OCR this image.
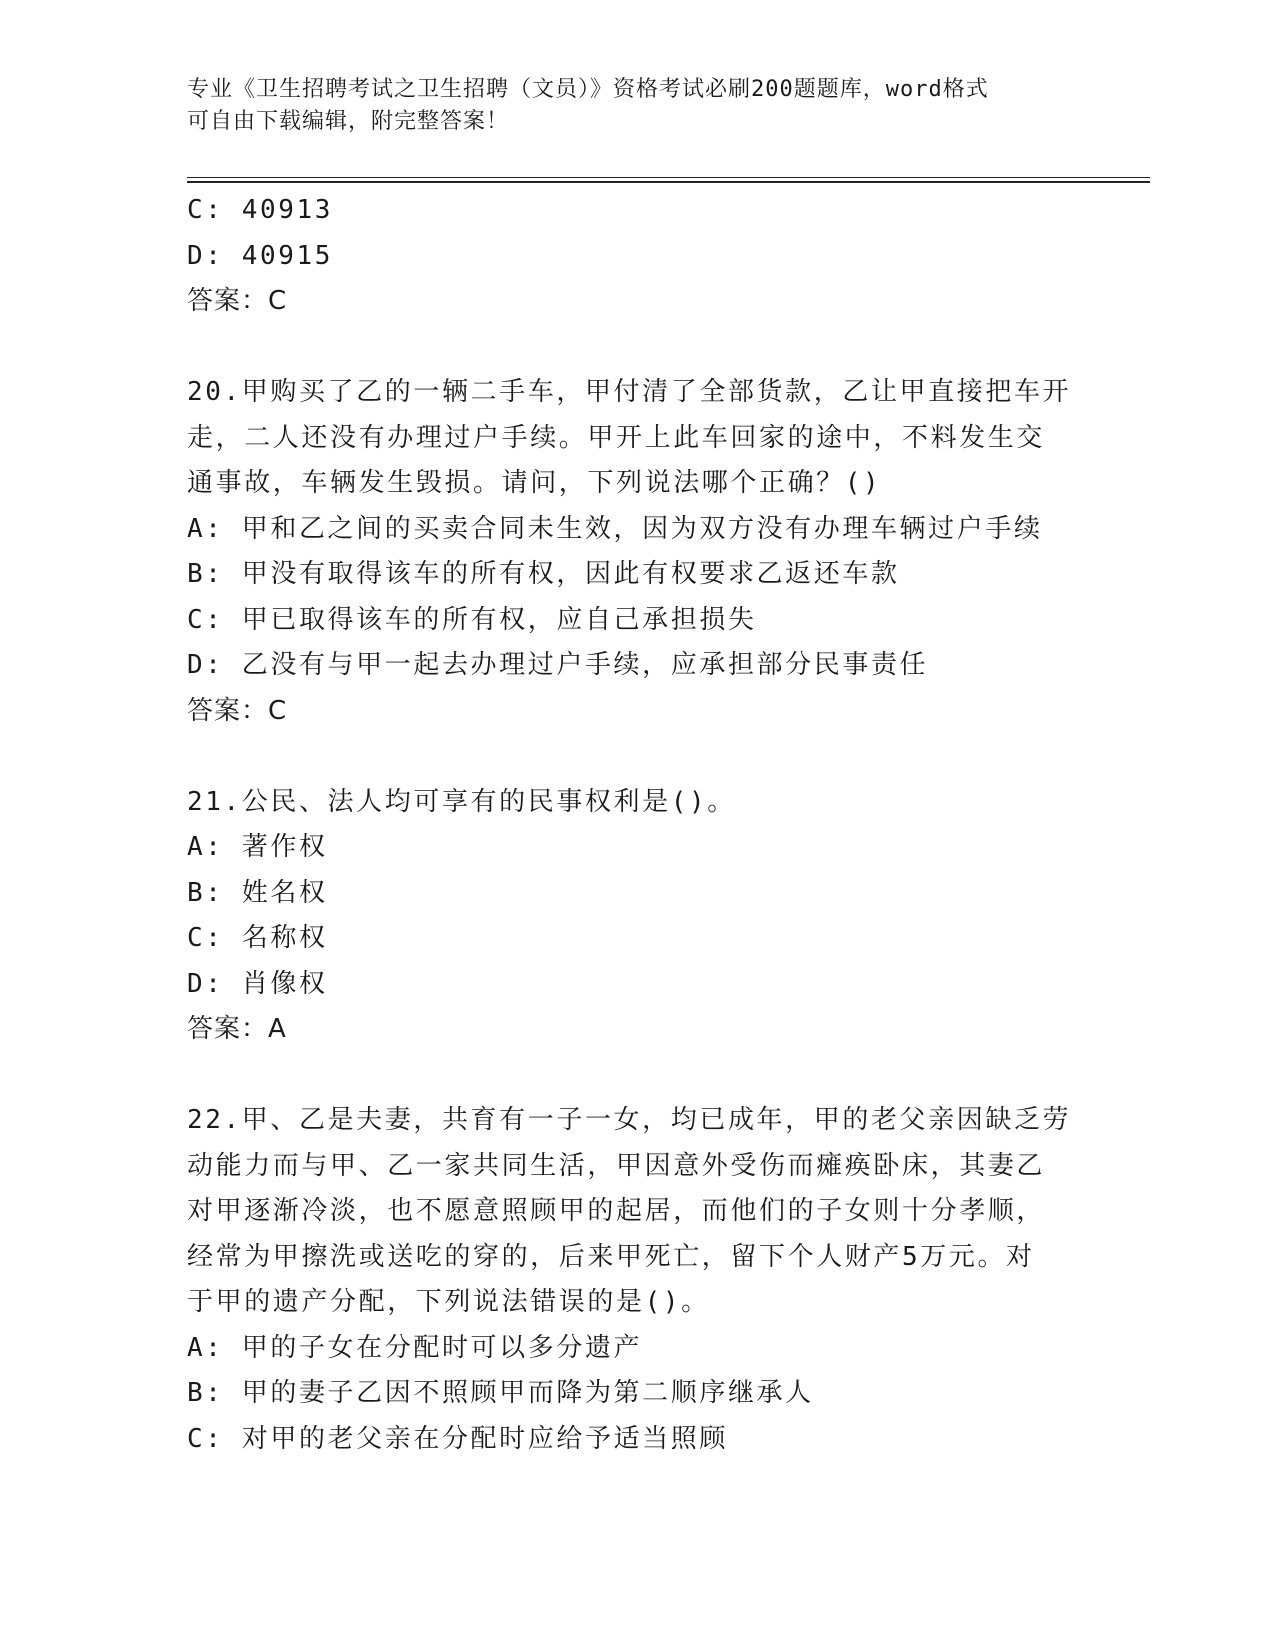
专业《卫生招聘考试之卫生招聘（文员）》资格考试必刷200题题库，word格式
可自由下载编辑，附完整答案！
C: 40913
D: 40915
答案：C
20.甲购买了乙的一辆二手车，甲付清了全部货款，乙让甲直接把车开
走，二人还没有办理过户手续。甲开上此车回家的途中，不料发生交
通事故，车辆发生毁损。请问，下列说法哪个正确？()
A: 甲和乙之间的买卖合同未生效，因为双方没有办理车辆过户手续
B: 甲没有取得该车的所有权，因此有权要求乙返还车款
C: 甲已取得该车的所有权，应自己承担损失
D: 乙没有与甲一起去办理过户手续，应承担部分民事责任
答案：C
21.公民、法人均可享有的民事权利是()。
A: 著作权
B: 姓名权
C: 名称权
D: 肖像权
答案：A
22.甲、乙是夫妻，共育有一子一女，均已成年，甲的老父亲因缺乏劳
动能力而与甲、乙一家共同生活，甲因意外受伤而瘫痪卧床，其妻乙
对甲逐渐冷淡，也不愿意照顾甲的起居，而他们的子女则十分孝顺，
经常为甲擦洗或送吃的穿的，后来甲死亡，留下个人财产5万元。对
于甲的遗产分配，下列说法错误的是()。
A: 甲的子女在分配时可以多分遗产
B: 甲的妻子乙因不照顾甲而降为第二顺序继承人
C: 对甲的老父亲在分配时应给予适当照顾
